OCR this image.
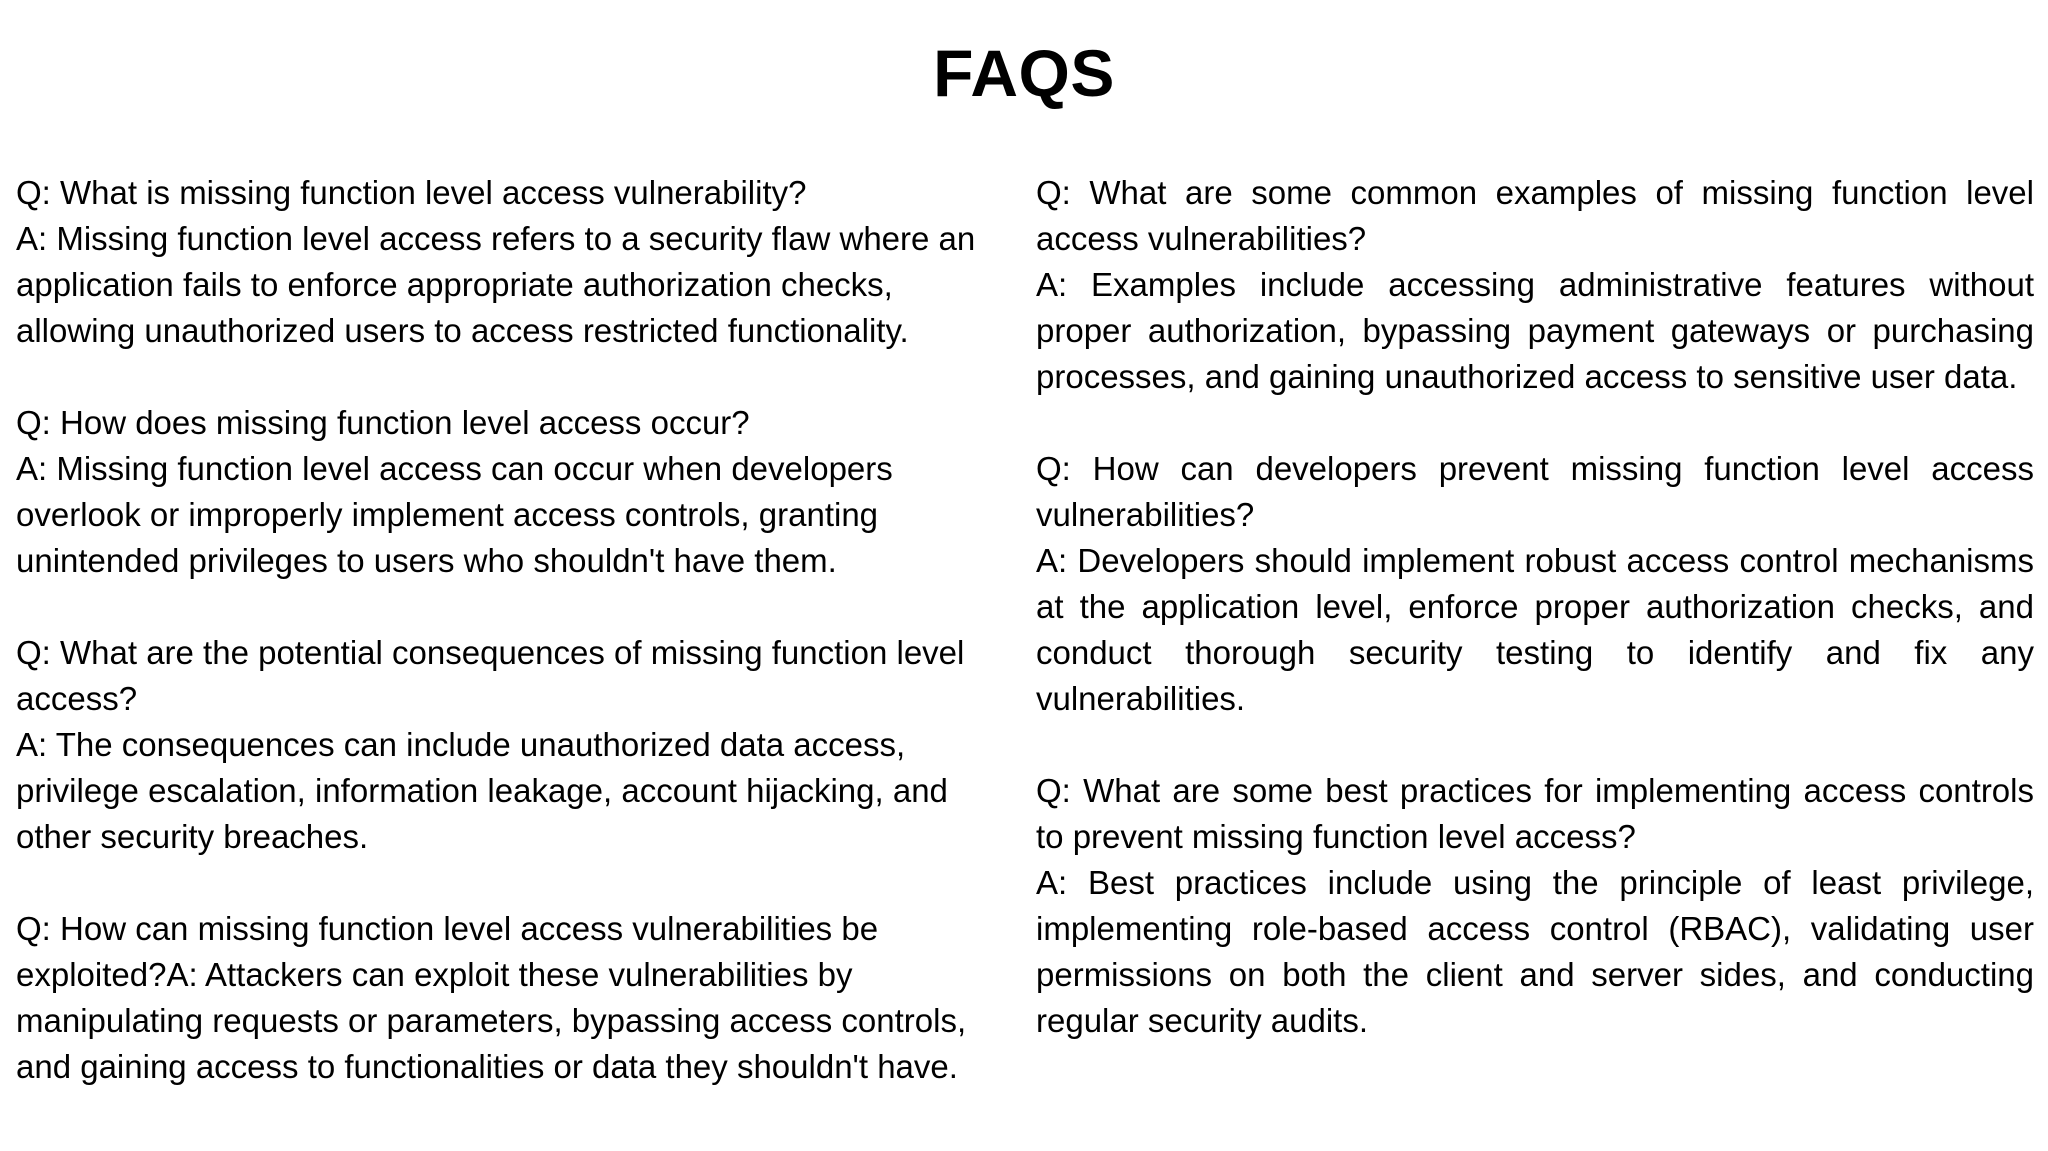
FAQS

Q: What is missing function level access vulnerability?

A: Missing function level access refers to a security flaw where an application fails to enforce appropriate authorization checks, allowing unauthorized users to access restricted functionality.

Q: How does missing function level access occur?

A: Missing function level access can occur when developers overlook or improperly implement access controls, granting unintended privileges to users who shouldn't have them.

Q: What are the potential consequences of missing function level access?

A: The consequences can include unauthorized data access, privilege escalation, information leakage, account hijacking, and other security breaches.

Q: How can missing function level access vulnerabilities be exploited?

A: Attackers can exploit these vulnerabilities by manipulating requests or parameters, bypassing access controls, and gaining access to functionalities or data they shouldn't have.

Q: What are some common examples of missing function level access vulnerabilities?

A: Examples include accessing administrative features without proper authorization, bypassing payment gateways or purchasing processes, and gaining unauthorized access to sensitive user data.

Q: How can developers prevent missing function level access vulnerabilities?

A: Developers should implement robust access control mechanisms at the application level, enforce proper authorization checks, and conduct thorough security testing to identify and fix any vulnerabilities.

Q: What are some best practices for implementing access controls to prevent missing function level access?

A: Best practices include using the principle of least privilege, implementing role-based access control (RBAC), validating user permissions on both the client and server sides, and conducting regular security audits.
